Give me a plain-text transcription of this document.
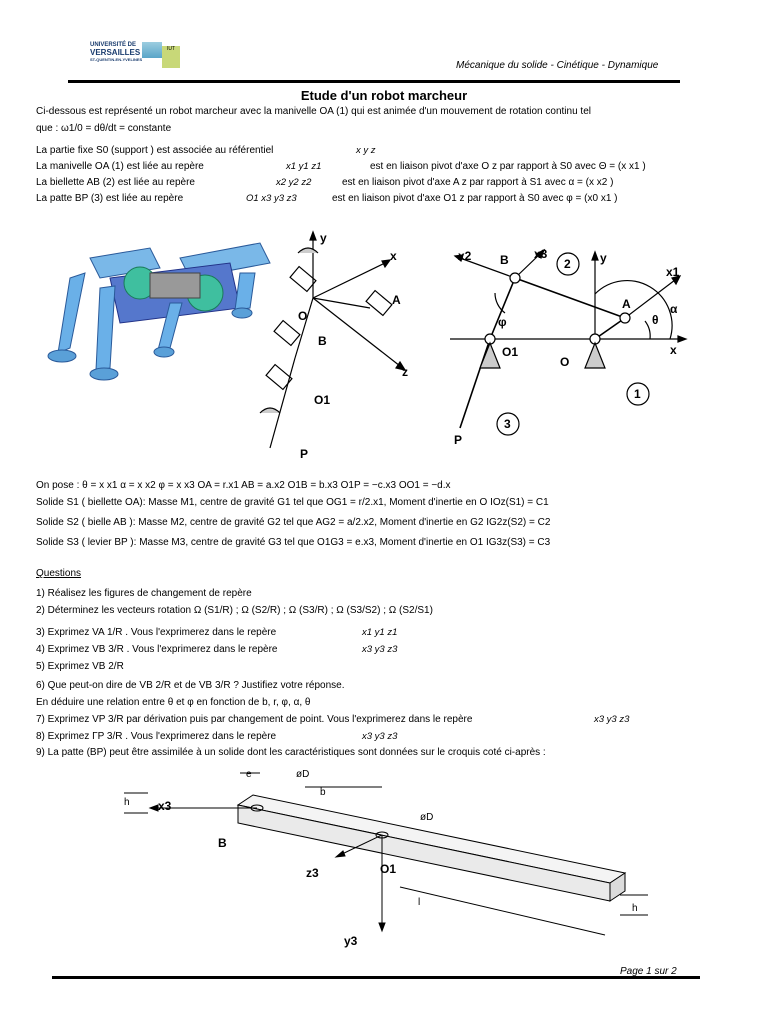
UNIVERSITÉ DE
VERSAILLES
ST-QUENTIN-EN-YVELINES
IUT
Mécanique du solide - Cinétique - Dynamique
Etude d'un robot marcheur
Ci-dessous est représenté un robot marcheur avec la manivelle OA (1) qui est animée d'un mouvement de rotation continu tel
que : ω1/0 = dθ/dt = constante
La partie fixe S0 (support ) est associée au référentiel	x y z
La manivelle OA (1) est liée au repère	x1 y1 z1	est en liaison pivot d'axe O z par rapport à S0 avec Θ = (x x1 )
La biellette AB (2) est liée au repère	x2 y2 z2	est en liaison pivot d'axe A z par rapport à S1 avec α = (x x2 )
La patte BP (3) est liée au repère	O1 x3 y3 z3	est en liaison pivot d'axe O1 z par rapport à S0 avec φ = (x0 x1 )
y
x
A
O
B
z
O1
P
x2 B x3
2 y
x1
α
A
θ
φ
O1
O
x
1
P
3
On pose : θ = x x1 α = x x2 φ = x x3 OA = r.x1 AB = a.x2 O1B = b.x3 O1P = −c.x3 OO1 = −d.x
Solide S1 ( biellette OA): Masse M1, centre de gravité G1 tel que OG1 = r/2.x1, Moment d'inertie en O IOz(S1) = C1
Solide S2 ( bielle AB ): Masse M2, centre de gravité G2 tel que AG2 = a/2.x2, Moment d'inertie en G2 IG2z(S2) = C2
Solide S3 ( levier BP ): Masse M3, centre de gravité G3 tel que O1G3 = e.x3, Moment d'inertie en O1 IG3z(S3) = C3
Questions
1) Réalisez les figures de changement de repère
2) Déterminez les vecteurs rotation Ω (S1/R) ; Ω (S2/R) ; Ω (S3/R) ; Ω (S3/S2) ; Ω (S2/S1)
3) Exprimez VA 1/R . Vous l'exprimerez dans le repère	x1 y1 z1
4) Exprimez VB 3/R . Vous l'exprimerez dans le repère	x3 y3 z3
5) Exprimez VB 2/R
6) Que peut-on dire de VB 2/R et de VB 3/R ? Justifiez votre réponse.
En déduire une relation entre θ et φ en fonction de b, r, φ, α, θ
7) Exprimez VP 3/R par dérivation puis par changement de point. Vous l'exprimerez dans le repère	x3 y3 z3
8) Exprimez ΓP 3/R . Vous l'exprimerez dans le repère	x3 y3 z3
9) La patte (BP) peut être assimilée à un solide dont les caractéristiques sont données sur le croquis coté ci-après :
h
e	øD
b
x3
øD
B
O1
z3
l
h
y3
Page 1 sur 2
